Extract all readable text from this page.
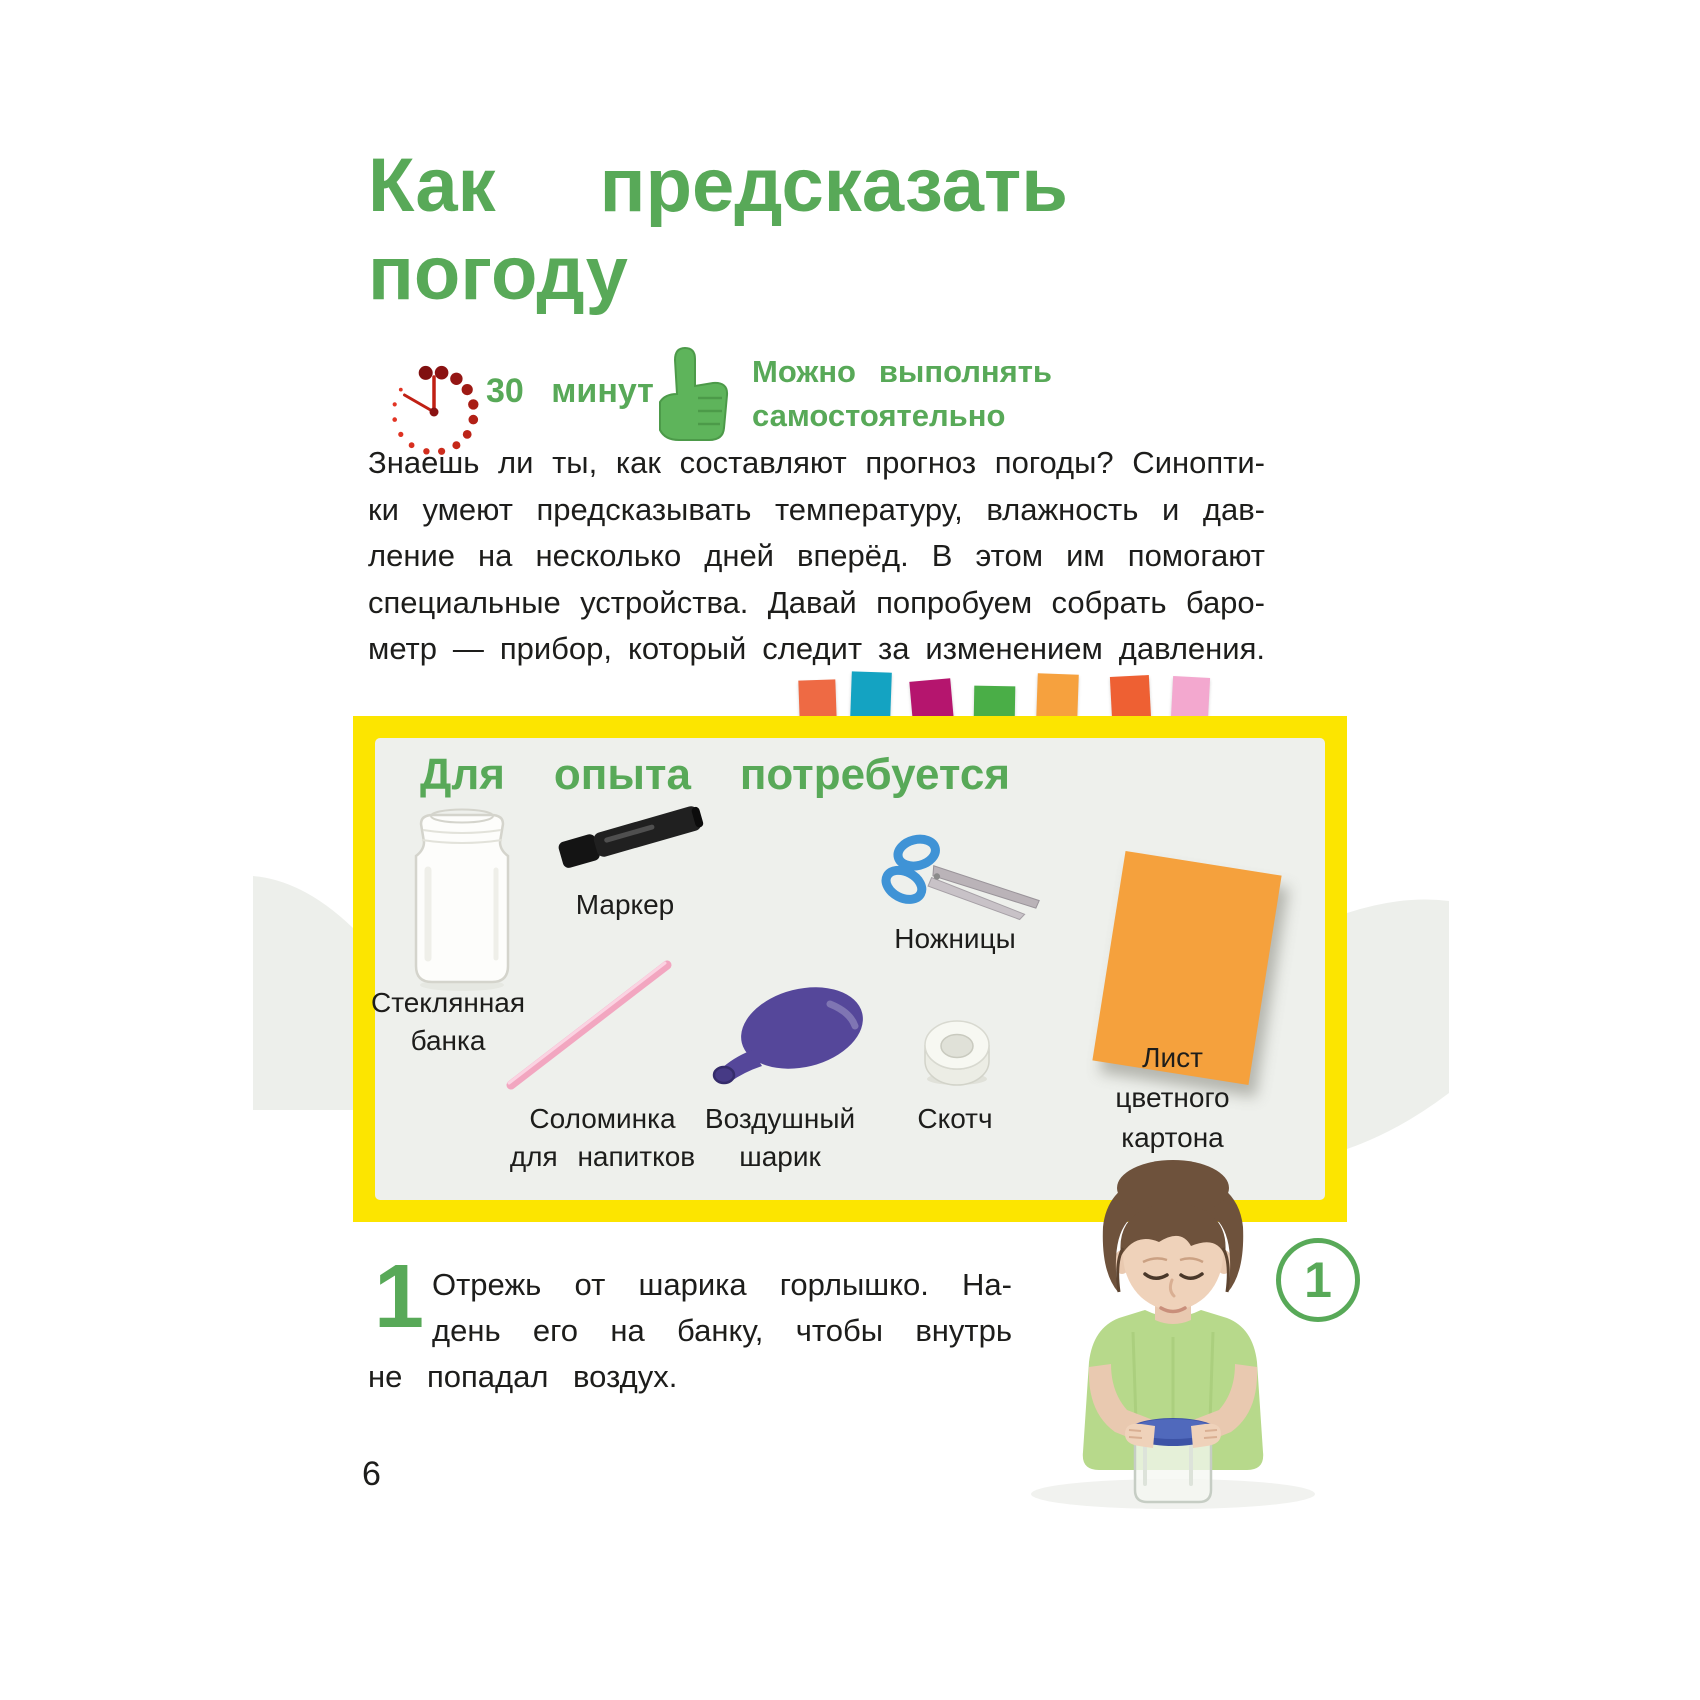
Как предсказать
погоду
30 минут
Можно выполнять
самостоятельно
Знаешь ли ты, как составляют прогноз погоды? Синопти-
ки умеют предсказывать температуру, влажность и дав-
ление на несколько дней вперёд. В этом им помогают
специальные устройства. Давай попробуем собрать баро-
метр — прибор, который следит за изменением давления.
Для опыта потребуется
Стеклянная
банка
Маркер
Ножницы
Лист
цветного
картона
Соломинка
для напитков
Воздушный
шарик
Скотч
1 Отрежь от шарика горлышко. На-
день его на банку, чтобы внутрь
не попадал воздух.
1
6
